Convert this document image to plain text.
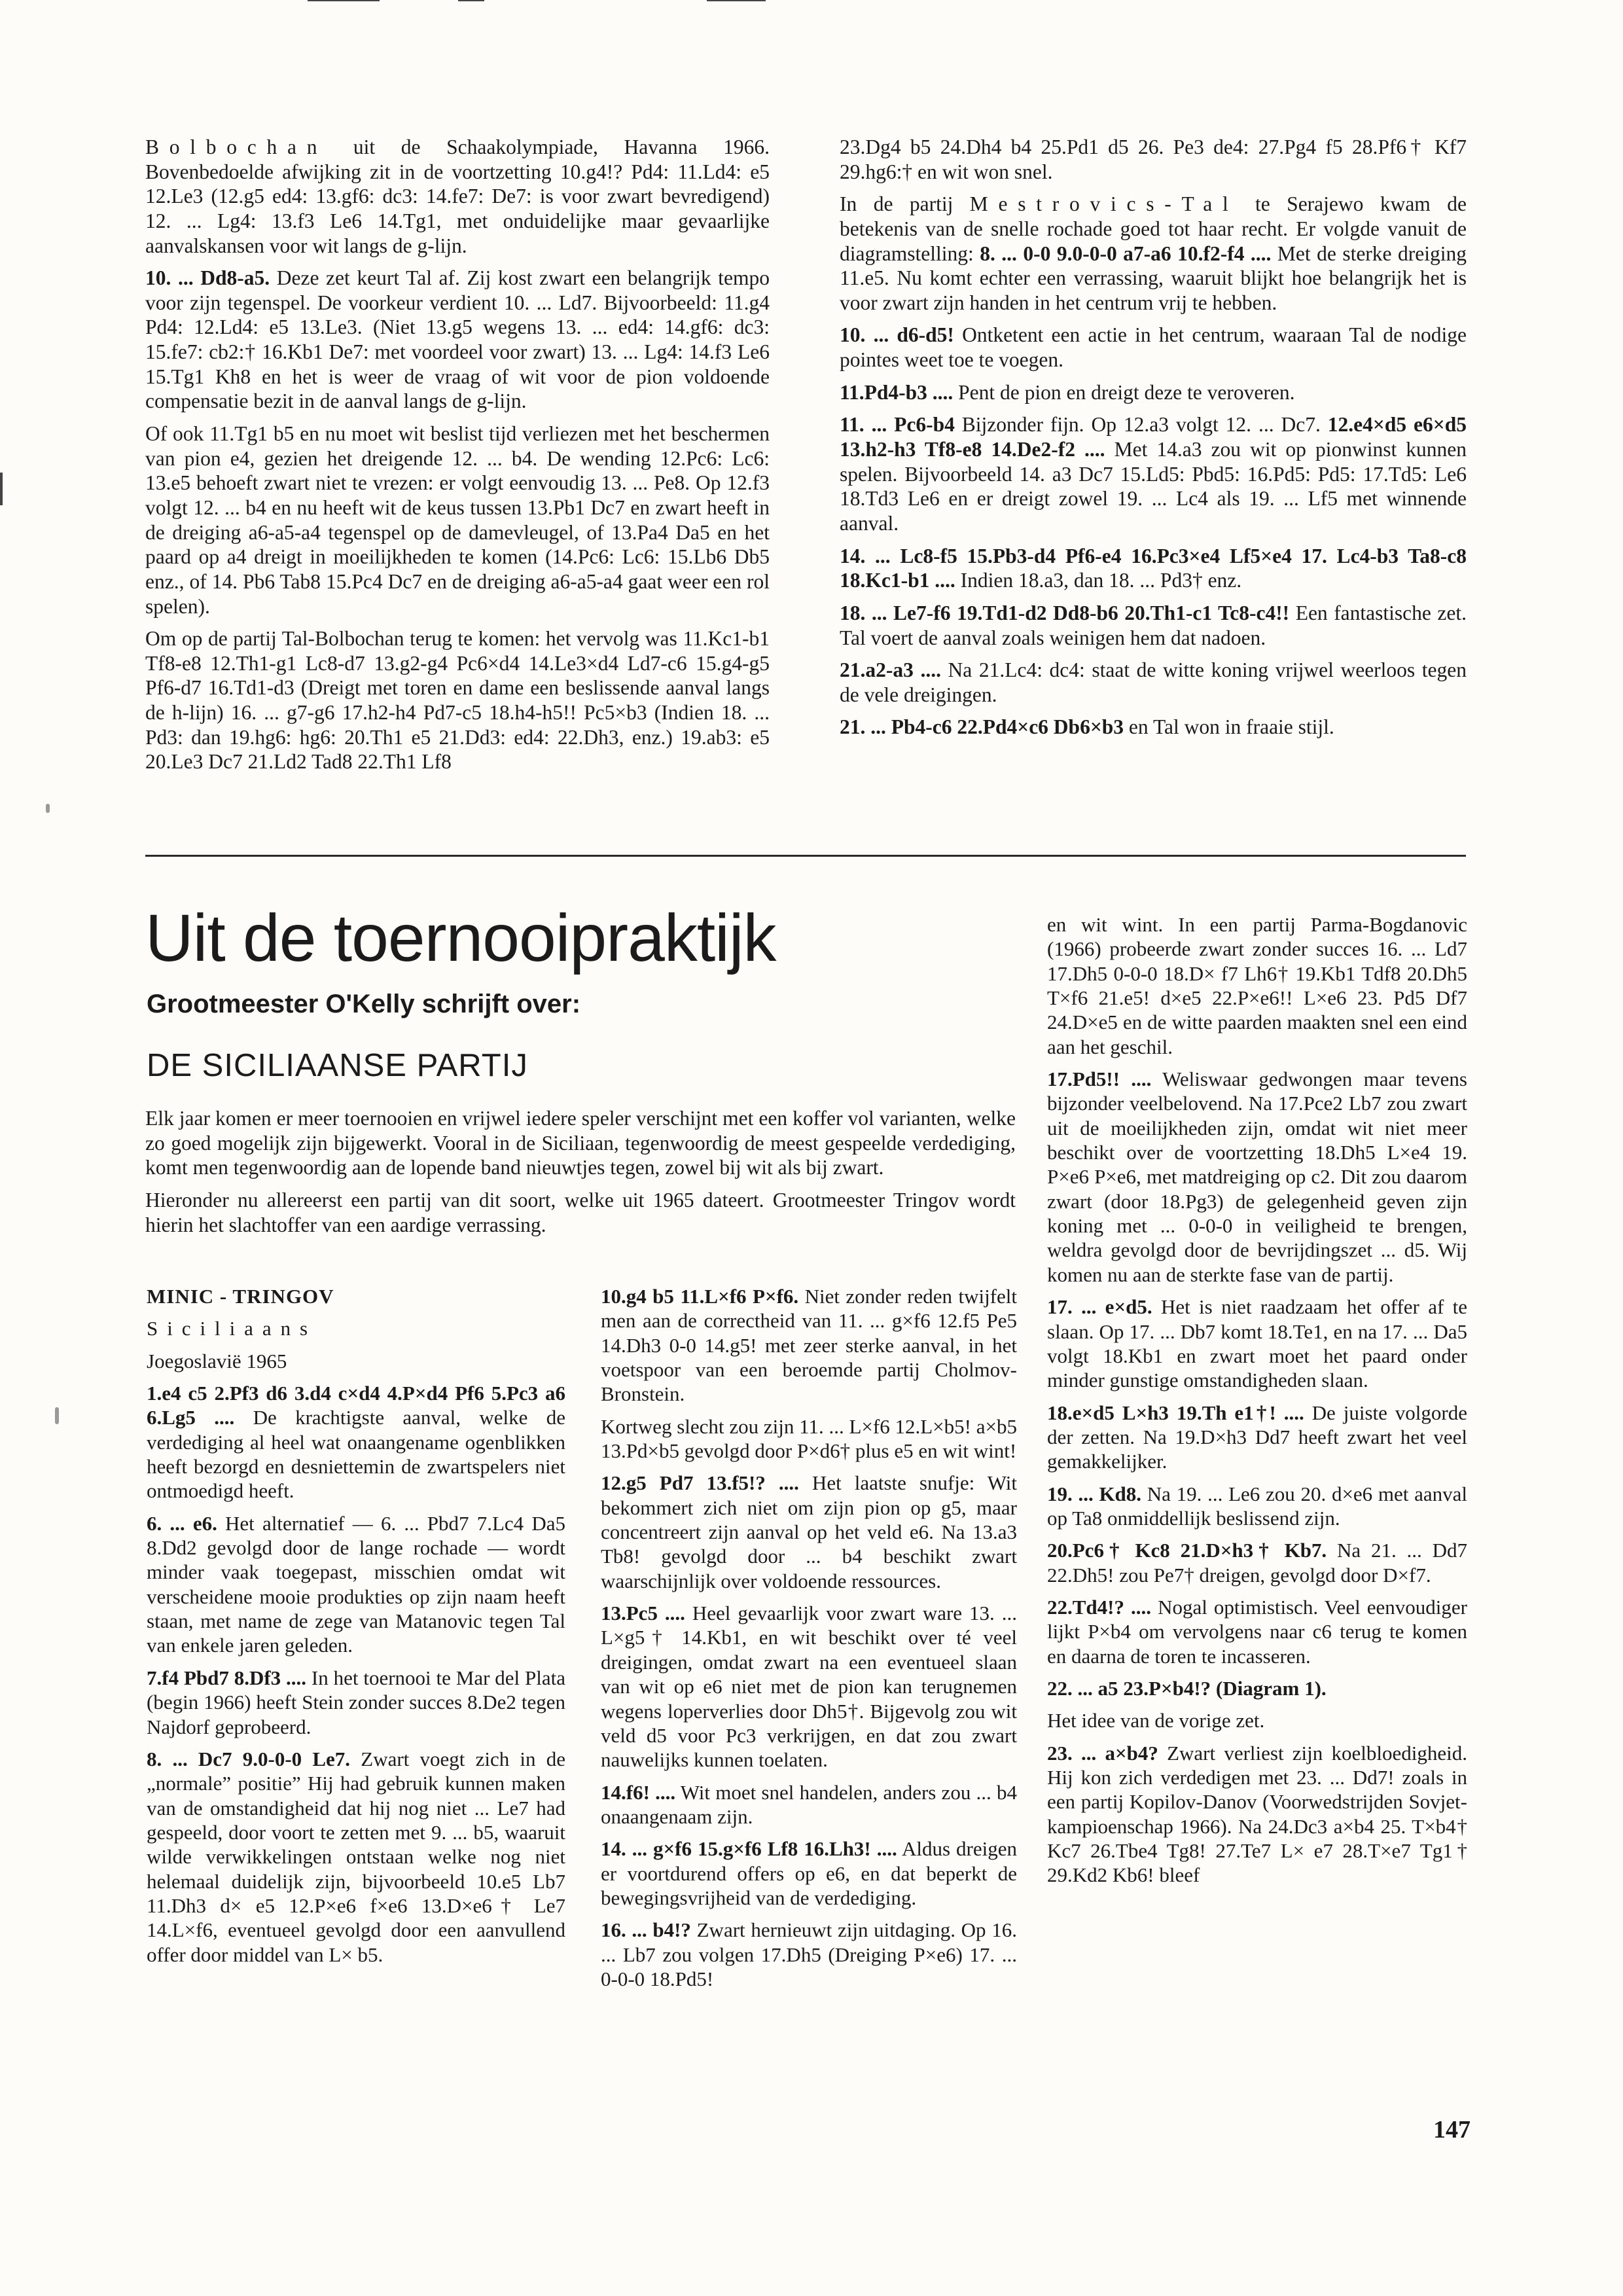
Bolbochan uit de Schaakolympiade, Havanna 1966. Bovenbedoelde afwijking zit in de voortzetting 10.g4!? Pd4: 11.Ld4: e5 12.Le3 (12.g5 ed4: 13.gf6: dc3: 14.fe7: De7: is voor zwart bevredigend) 12. ... Lg4: 13.f3 Le6 14.Tg1, met onduidelijke maar gevaarlijke aanvalskansen voor wit langs de g-lijn.

10. ... Dd8-a5. Deze zet keurt Tal af. Zij kost zwart een belangrijk tempo voor zijn tegenspel. De voorkeur verdient 10. ... Ld7. Bijvoorbeeld: 11.g4 Pd4: 12.Ld4: e5 13.Le3. (Niet 13.g5 wegens 13. ... ed4: 14.gf6: dc3: 15.fe7: cb2:† 16.Kb1 De7: met voordeel voor zwart) 13. ... Lg4: 14.f3 Le6 15.Tg1 Kh8 en het is weer de vraag of wit voor de pion voldoende compensatie bezit in de aanval langs de g-lijn.

Of ook 11.Tg1 b5 en nu moet wit beslist tijd verliezen met het beschermen van pion e4, gezien het dreigende 12. ... b4. De wending 12.Pc6: Lc6: 13.e5 behoeft zwart niet te vrezen: er volgt eenvoudig 13. ... Pe8. Op 12.f3 volgt 12. ... b4 en nu heeft wit de keus tussen 13.Pb1 Dc7 en zwart heeft in de dreiging a6-a5-a4 tegenspel op de damevleugel, of 13.Pa4 Da5 en het paard op a4 dreigt in moeilijkheden te komen (14.Pc6: Lc6: 15.Lb6 Db5 enz., of 14. Pb6 Tab8 15.Pc4 Dc7 en de dreiging a6-a5-a4 gaat weer een rol spelen).

Om op de partij Tal-Bolbochan terug te komen: het vervolg was 11.Kc1-b1 Tf8-e8 12.Th1-g1 Lc8-d7 13.g2-g4 Pc6×d4 14.Le3×d4 Ld7-c6 15.g4-g5 Pf6-d7 16.Td1-d3 (Dreigt met toren en dame een beslissende aanval langs de h-lijn) 16. ... g7-g6 17.h2-h4 Pd7-c5 18.h4-h5!! Pc5×b3 (Indien 18. ... Pd3: dan 19.hg6: hg6: 20.Th1 e5 21.Dd3: ed4: 22.Dh3, enz.) 19.ab3: e5 20.Le3 Dc7 21.Ld2 Tad8 22.Th1 Lf8

23.Dg4 b5 24.Dh4 b4 25.Pd1 d5 26. Pe3 de4: 27.Pg4 f5 28.Pf6† Kf7 29.hg6:† en wit won snel.

In de partij Mestrovics-Tal te Serajewo kwam de betekenis van de snelle rochade goed tot haar recht. Er volgde vanuit de diagramstelling: 8. ... 0-0 9.0-0-0 a7-a6 10.f2-f4 .... Met de sterke dreiging 11.e5. Nu komt echter een verrassing, waaruit blijkt hoe belangrijk het is voor zwart zijn handen in het centrum vrij te hebben.

10. ... d6-d5! Ontketent een actie in het centrum, waaraan Tal de nodige pointes weet toe te voegen.

11.Pd4-b3 .... Pent de pion en dreigt deze te veroveren.

11. ... Pc6-b4 Bijzonder fijn. Op 12.a3 volgt 12. ... Dc7. 12.e4×d5 e6×d5 13.h2-h3 Tf8-e8 14.De2-f2 .... Met 14.a3 zou wit op pionwinst kunnen spelen. Bijvoorbeeld 14. a3 Dc7 15.Ld5: Pbd5: 16.Pd5: Pd5: 17.Td5: Le6 18.Td3 Le6 en er dreigt zowel 19. ... Lc4 als 19. ... Lf5 met winnende aanval.

14. ... Lc8-f5 15.Pb3-d4 Pf6-e4 16.Pc3×e4 Lf5×e4 17. Lc4-b3 Ta8-c8 18.Kc1-b1 .... Indien 18.a3, dan 18. ... Pd3† enz.

18. ... Le7-f6 19.Td1-d2 Dd8-b6 20.Th1-c1 Tc8-c4!! Een fantastische zet. Tal voert de aanval zoals weinigen hem dat nadoen.

21.a2-a3 .... Na 21.Lc4: dc4: staat de witte koning vrijwel weerloos tegen de vele dreigingen.

21. ... Pb4-c6 22.Pd4×c6 Db6×b3 en Tal won in fraaie stijl.

Uit de toernooipraktijk
Grootmeester O'Kelly schrijft over:
DE SICILIAANSE PARTIJ

Elk jaar komen er meer toernooien en vrijwel iedere speler verschijnt met een koffer vol varianten, welke zo goed mogelijk zijn bijgewerkt. Vooral in de Siciliaan, tegenwoordig de meest gespeelde verdediging, komt men tegenwoordig aan de lopende band nieuwtjes tegen, zowel bij wit als bij zwart.

Hieronder nu allereerst een partij van dit soort, welke uit 1965 dateert. Grootmeester Tringov wordt hierin het slachtoffer van een aardige verrassing.

MINIC - TRINGOV

Siciliaans

Joegoslavië 1965

1.e4 c5 2.Pf3 d6 3.d4 c×d4 4.P×d4 Pf6 5.Pc3 a6 6.Lg5 .... De krachtigste aanval, welke de verdediging al heel wat onaangename ogenblikken heeft bezorgd en desniettemin de zwartspelers niet ontmoedigd heeft.

6. ... e6. Het alternatief — 6. ... Pbd7 7.Lc4 Da5 8.Dd2 gevolgd door de lange rochade — wordt minder vaak toegepast, misschien omdat wit verscheidene mooie produkties op zijn naam heeft staan, met name de zege van Matanovic tegen Tal van enkele jaren geleden.

7.f4 Pbd7 8.Df3 .... In het toernooi te Mar del Plata (begin 1966) heeft Stein zonder succes 8.De2 tegen Najdorf geprobeerd.

8. ... Dc7 9.0-0-0 Le7. Zwart voegt zich in de „normale” positie” Hij had gebruik kunnen maken van de omstandigheid dat hij nog niet ... Le7 had gespeeld, door voort te zetten met 9. ... b5, waaruit wilde verwikkelingen ontstaan welke nog niet helemaal duidelijk zijn, bijvoorbeeld 10.e5 Lb7 11.Dh3 d× e5 12.P×e6 f×e6 13.D×e6† Le7 14.L×f6, eventueel gevolgd door een aanvullend offer door middel van L× b5.

10.g4 b5 11.L×f6 P×f6. Niet zonder reden twijfelt men aan de correctheid van 11. ... g×f6 12.f5 Pe5 14.Dh3 0-0 14.g5! met zeer sterke aanval, in het voetspoor van een beroemde partij Cholmov-Bronstein.

Kortweg slecht zou zijn 11. ... L×f6 12.L×b5! a×b5 13.Pd×b5 gevolgd door P×d6† plus e5 en wit wint!

12.g5 Pd7 13.f5!? .... Het laatste snufje: Wit bekommert zich niet om zijn pion op g5, maar concentreert zijn aanval op het veld e6. Na 13.a3 Tb8! gevolgd door ... b4 beschikt zwart waarschijnlijk over voldoende ressources.

13.Pc5 .... Heel gevaarlijk voor zwart ware 13. ... L×g5† 14.Kb1, en wit beschikt over té veel dreigingen, omdat zwart na een eventueel slaan van wit op e6 niet met de pion kan terugnemen wegens loperverlies door Dh5†. Bijgevolg zou wit veld d5 voor Pc3 verkrijgen, en dat zou zwart nauwelijks kunnen toelaten.

14.f6! .... Wit moet snel handelen, anders zou ... b4 onaangenaam zijn.

14. ... g×f6 15.g×f6 Lf8 16.Lh3! .... Aldus dreigen er voortdurend offers op e6, en dat beperkt de bewegingsvrijheid van de verdediging.

16. ... b4!? Zwart hernieuwt zijn uitdaging. Op 16. ... Lb7 zou volgen 17.Dh5 (Dreiging P×e6) 17. ... 0-0-0 18.Pd5!

en wit wint. In een partij Parma-Bogdanovic (1966) probeerde zwart zonder succes 16. ... Ld7 17.Dh5 0-0-0 18.D× f7 Lh6† 19.Kb1 Tdf8 20.Dh5 T×f6 21.e5! d×e5 22.P×e6!! L×e6 23. Pd5 Df7 24.D×e5 en de witte paarden maakten snel een eind aan het geschil.

17.Pd5!! .... Weliswaar gedwongen maar tevens bijzonder veelbelovend. Na 17.Pce2 Lb7 zou zwart uit de moeilijkheden zijn, omdat wit niet meer beschikt over de voortzetting 18.Dh5 L×e4 19. P×e6 P×e6, met matdreiging op c2. Dit zou daarom zwart (door 18.Pg3) de gelegenheid geven zijn koning met ... 0-0-0 in veiligheid te brengen, weldra gevolgd door de bevrijdingszet ... d5. Wij komen nu aan de sterkte fase van de partij.

17. ... e×d5. Het is niet raadzaam het offer af te slaan. Op 17. ... Db7 komt 18.Te1, en na 17. ... Da5 volgt 18.Kb1 en zwart moet het paard onder minder gunstige omstandigheden slaan.

18.e×d5 L×h3 19.Th e1†! .... De juiste volgorde der zetten. Na 19.D×h3 Dd7 heeft zwart het veel gemakkelijker.

19. ... Kd8. Na 19. ... Le6 zou 20. d×e6 met aanval op Ta8 onmiddellijk beslissend zijn.

20.Pc6† Kc8 21.D×h3† Kb7. Na 21. ... Dd7 22.Dh5! zou Pe7† dreigen, gevolgd door D×f7.

22.Td4!? .... Nogal optimistisch. Veel eenvoudiger lijkt P×b4 om vervolgens naar c6 terug te komen en daarna de toren te incasseren.

22. ... a5 23.P×b4!? (Diagram 1).

Het idee van de vorige zet.

23. ... a×b4? Zwart verliest zijn koelbloedigheid. Hij kon zich verdedigen met 23. ... Dd7! zoals in een partij Kopilov-Danov (Voorwedstrijden Sovjet-kampioenschap 1966). Na 24.Dc3 a×b4 25. T×b4† Kc7 26.Tbe4 Tg8! 27.Te7 L× e7 28.T×e7 Tg1† 29.Kd2 Kb6! bleef

147
